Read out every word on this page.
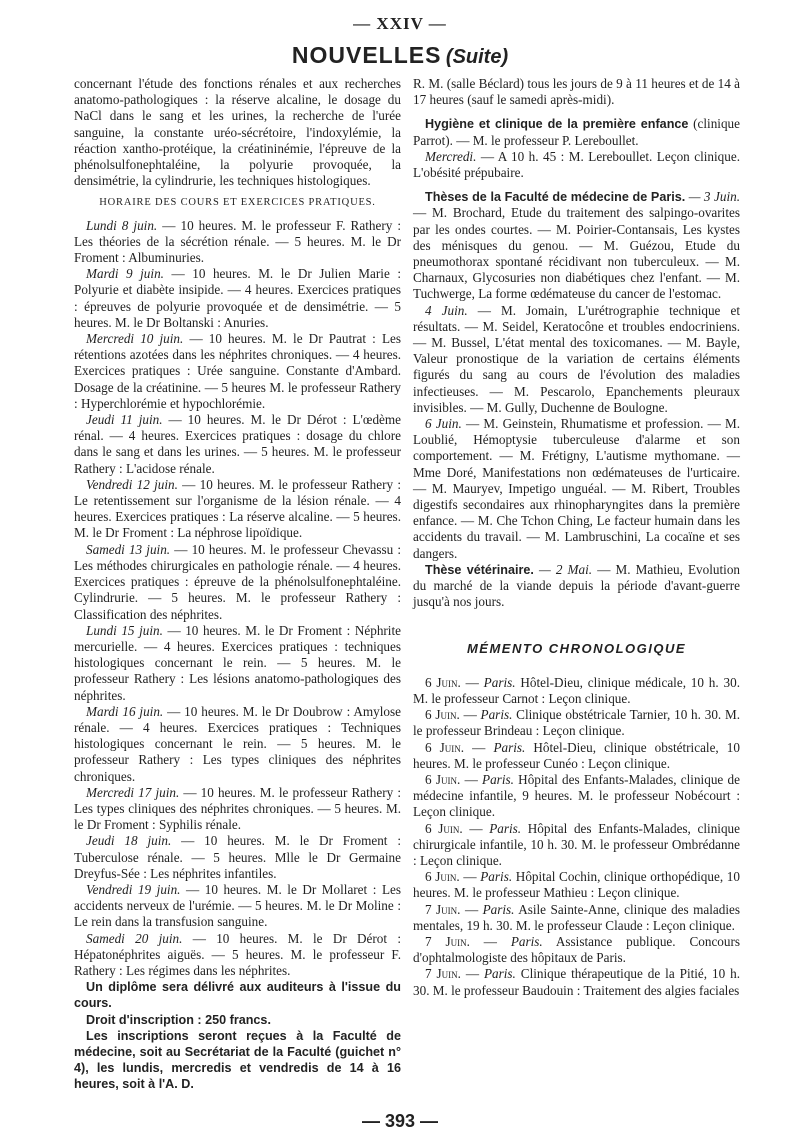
— XXIV —
NOUVELLES (Suite)

concernant l'étude des fonctions rénales et aux recherches anatomo-pathologiques : la réserve alcaline, le dosage du NaCl dans le sang et les urines, la recherche de l'urée sanguine, la constante uréo-sécrétoire, l'indoxylémie, la réaction xantho-protéique, la créatininémie, l'épreuve de la phénolsulfonephtaléine, la polyurie provoquée, la densimétrie, la cylindrurie, les techniques histologiques.

HORAIRE DES COURS ET EXERCICES PRATIQUES.

Lundi 8 juin. — 10 heures. M. le professeur F. Rathery : Les théories de la sécrétion rénale. — 5 heures. M. le Dr Froment : Albuminuries.

Mardi 9 juin. — 10 heures. M. le Dr Julien Marie : Polyurie et diabète insipide. — 4 heures. Exercices pratiques : épreuves de polyurie provoquée et de densimétrie. — 5 heures. M. le Dr Boltanski : Anuries.

Mercredi 10 juin. — 10 heures. M. le Dr Pautrat : Les rétentions azotées dans les néphrites chroniques. — 4 heures. Exercices pratiques : Urée sanguine. Constante d'Ambard. Dosage de la créatinine. — 5 heures M. le professeur Rathery : Hyperchlorémie et hypochlorémie.

Jeudi 11 juin. — 10 heures. M. le Dr Dérot : L'œdème rénal. — 4 heures. Exercices pratiques : dosage du chlore dans le sang et dans les urines. — 5 heures. M. le professeur Rathery : L'acidose rénale.

Vendredi 12 juin. — 10 heures. M. le professeur Rathery : Le retentissement sur l'organisme de la lésion rénale. — 4 heures. Exercices pratiques : La réserve alcaline. — 5 heures. M. le Dr Froment : La néphrose lipoïdique.

Samedi 13 juin. — 10 heures. M. le professeur Chevassu : Les méthodes chirurgicales en pathologie rénale. — 4 heures. Exercices pratiques : épreuve de la phénolsulfonephtaléine. Cylindrurie. — 5 heures. M. le professeur Rathery : Classification des néphrites.

Lundi 15 juin. — 10 heures. M. le Dr Froment : Néphrite mercurielle. — 4 heures. Exercices pratiques : techniques histologiques concernant le rein. — 5 heures. M. le professeur Rathery : Les lésions anatomo-pathologiques des néphrites.

Mardi 16 juin. — 10 heures. M. le Dr Doubrow : Amylose rénale. — 4 heures. Exercices pratiques : Techniques histologiques concernant le rein. — 5 heures. M. le professeur Rathery : Les types cliniques des néphrites chroniques.

Mercredi 17 juin. — 10 heures. M. le professeur Rathery : Les types cliniques des néphrites chroniques. — 5 heures. M. le Dr Froment : Syphilis rénale.

Jeudi 18 juin. — 10 heures. M. le Dr Froment : Tuberculose rénale. — 5 heures. Mlle le Dr Germaine Dreyfus-Sée : Les néphrites infantiles.

Vendredi 19 juin. — 10 heures. M. le Dr Mollaret : Les accidents nerveux de l'urémie. — 5 heures. M. le Dr Moline : Le rein dans la transfusion sanguine.

Samedi 20 juin. — 10 heures. M. le Dr Dérot : Hépatonéphrites aiguës. — 5 heures. M. le professeur F. Rathery : Les régimes dans les néphrites.

Un diplôme sera délivré aux auditeurs à l'issue du cours.

Droit d'inscription : 250 francs.

Les inscriptions seront reçues à la Faculté de médecine, soit au Secrétariat de la Faculté (guichet n° 4), les lundis, mercredis et vendredis de 14 à 16 heures, soit à l'A. D.

R. M. (salle Béclard) tous les jours de 9 à 11 heures et de 14 à 17 heures (sauf le samedi après-midi).

Hygiène et clinique de la première enfance (clinique Parrot). — M. le professeur P. Lereboullet.

Mercredi. — A 10 h. 45 : M. Lereboullet. Leçon clinique. L'obésité prépubaire.

Thèses de la Faculté de médecine de Paris. — 3 Juin. — M. Brochard, Etude du traitement des salpingo-ovarites par les ondes courtes. — M. Poirier-Contansais, Les kystes des ménisques du genou. — M. Guézou, Etude du pneumothorax spontané récidivant non tuberculeux. — M. Charnaux, Glycosuries non diabétiques chez l'enfant. — M. Tuchwerge, La forme œdémateuse du cancer de l'estomac.

4 Juin. — M. Jomain, L'urétrographie technique et résultats. — M. Seidel, Keratocône et troubles endocriniens. — M. Bussel, L'état mental des toxicomanes. — M. Bayle, Valeur pronostique de la variation de certains éléments figurés du sang au cours de l'évolution des maladies infectieuses. — M. Pescarolo, Epanchements pleuraux invisibles. — M. Gully, Duchenne de Boulogne.

6 Juin. — M. Geinstein, Rhumatisme et profession. — M. Loublié, Hémoptysie tuberculeuse d'alarme et son comportement. — M. Frétigny, L'autisme mythomane. — Mme Doré, Manifestations non œdémateuses de l'urticaire. — M. Mauryev, Impetigo unguéal. — M. Ribert, Troubles digestifs secondaires aux rhinopharyngites dans la première enfance. — M. Che Tchon Ching, Le facteur humain dans les accidents du travail. — M. Lambruschini, La cocaïne et ses dangers.

Thèse vétérinaire. — 2 Mai. — M. Mathieu, Evolution du marché de la viande depuis la période d'avant-guerre jusqu'à nos jours.

MÉMENTO CHRONOLOGIQUE

6 Juin. — Paris. Hôtel-Dieu, clinique médicale, 10 h. 30. M. le professeur Carnot : Leçon clinique.

6 Juin. — Paris. Clinique obstétricale Tarnier, 10 h. 30. M. le professeur Brindeau : Leçon clinique.

6 Juin. — Paris. Hôtel-Dieu, clinique obstétricale, 10 heures. M. le professeur Cunéo : Leçon clinique.

6 Juin. — Paris. Hôpital des Enfants-Malades, clinique de médecine infantile, 9 heures. M. le professeur Nobécourt : Leçon clinique.

6 Juin. — Paris. Hôpital des Enfants-Malades, clinique chirurgicale infantile, 10 h. 30. M. le professeur Ombrédanne : Leçon clinique.

6 Juin. — Paris. Hôpital Cochin, clinique orthopédique, 10 heures. M. le professeur Mathieu : Leçon clinique.

7 Juin. — Paris. Asile Sainte-Anne, clinique des maladies mentales, 19 h. 30. M. le professeur Claude : Leçon clinique.

7 Juin. — Paris. Assistance publique. Concours d'ophtalmologiste des hôpitaux de Paris.

7 Juin. — Paris. Clinique thérapeutique de la Pitié, 10 h. 30. M. le professeur Baudouin : Traitement des algies faciales

— 393 —
